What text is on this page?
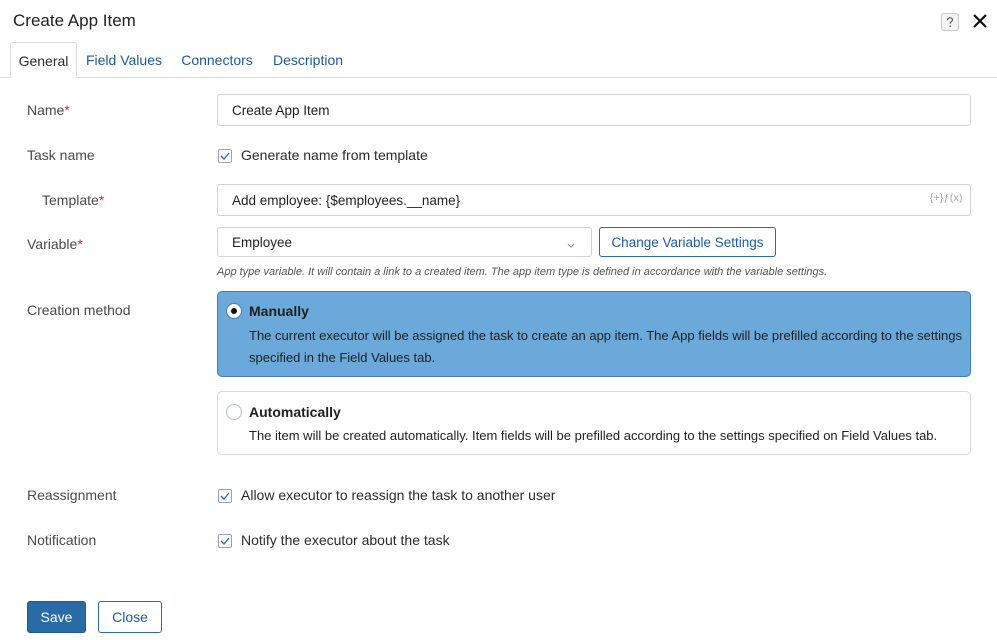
Create App Item
General	Field Values	Connectors	Description
Name*	Create App Item
Task name	Generate name from template
Template*	Add employee: {$employees.__name}	{+}ƒ(x)
Variable*	Employee	Change Variable Settings
App type variable. It will contain a link to a created item. The app item type is defined in accordance with the variable settings.
Creation method	Manually
The current executor will be assigned the task to create an app item. The App fields will be prefilled according to the settings specified in the Field Values tab.
Automatically
The item will be created automatically. Item fields will be prefilled according to the settings specified on Field Values tab.
Reassignment	Allow executor to reassign the task to another user
Notification	Notify the executor about the task
Save	Close
